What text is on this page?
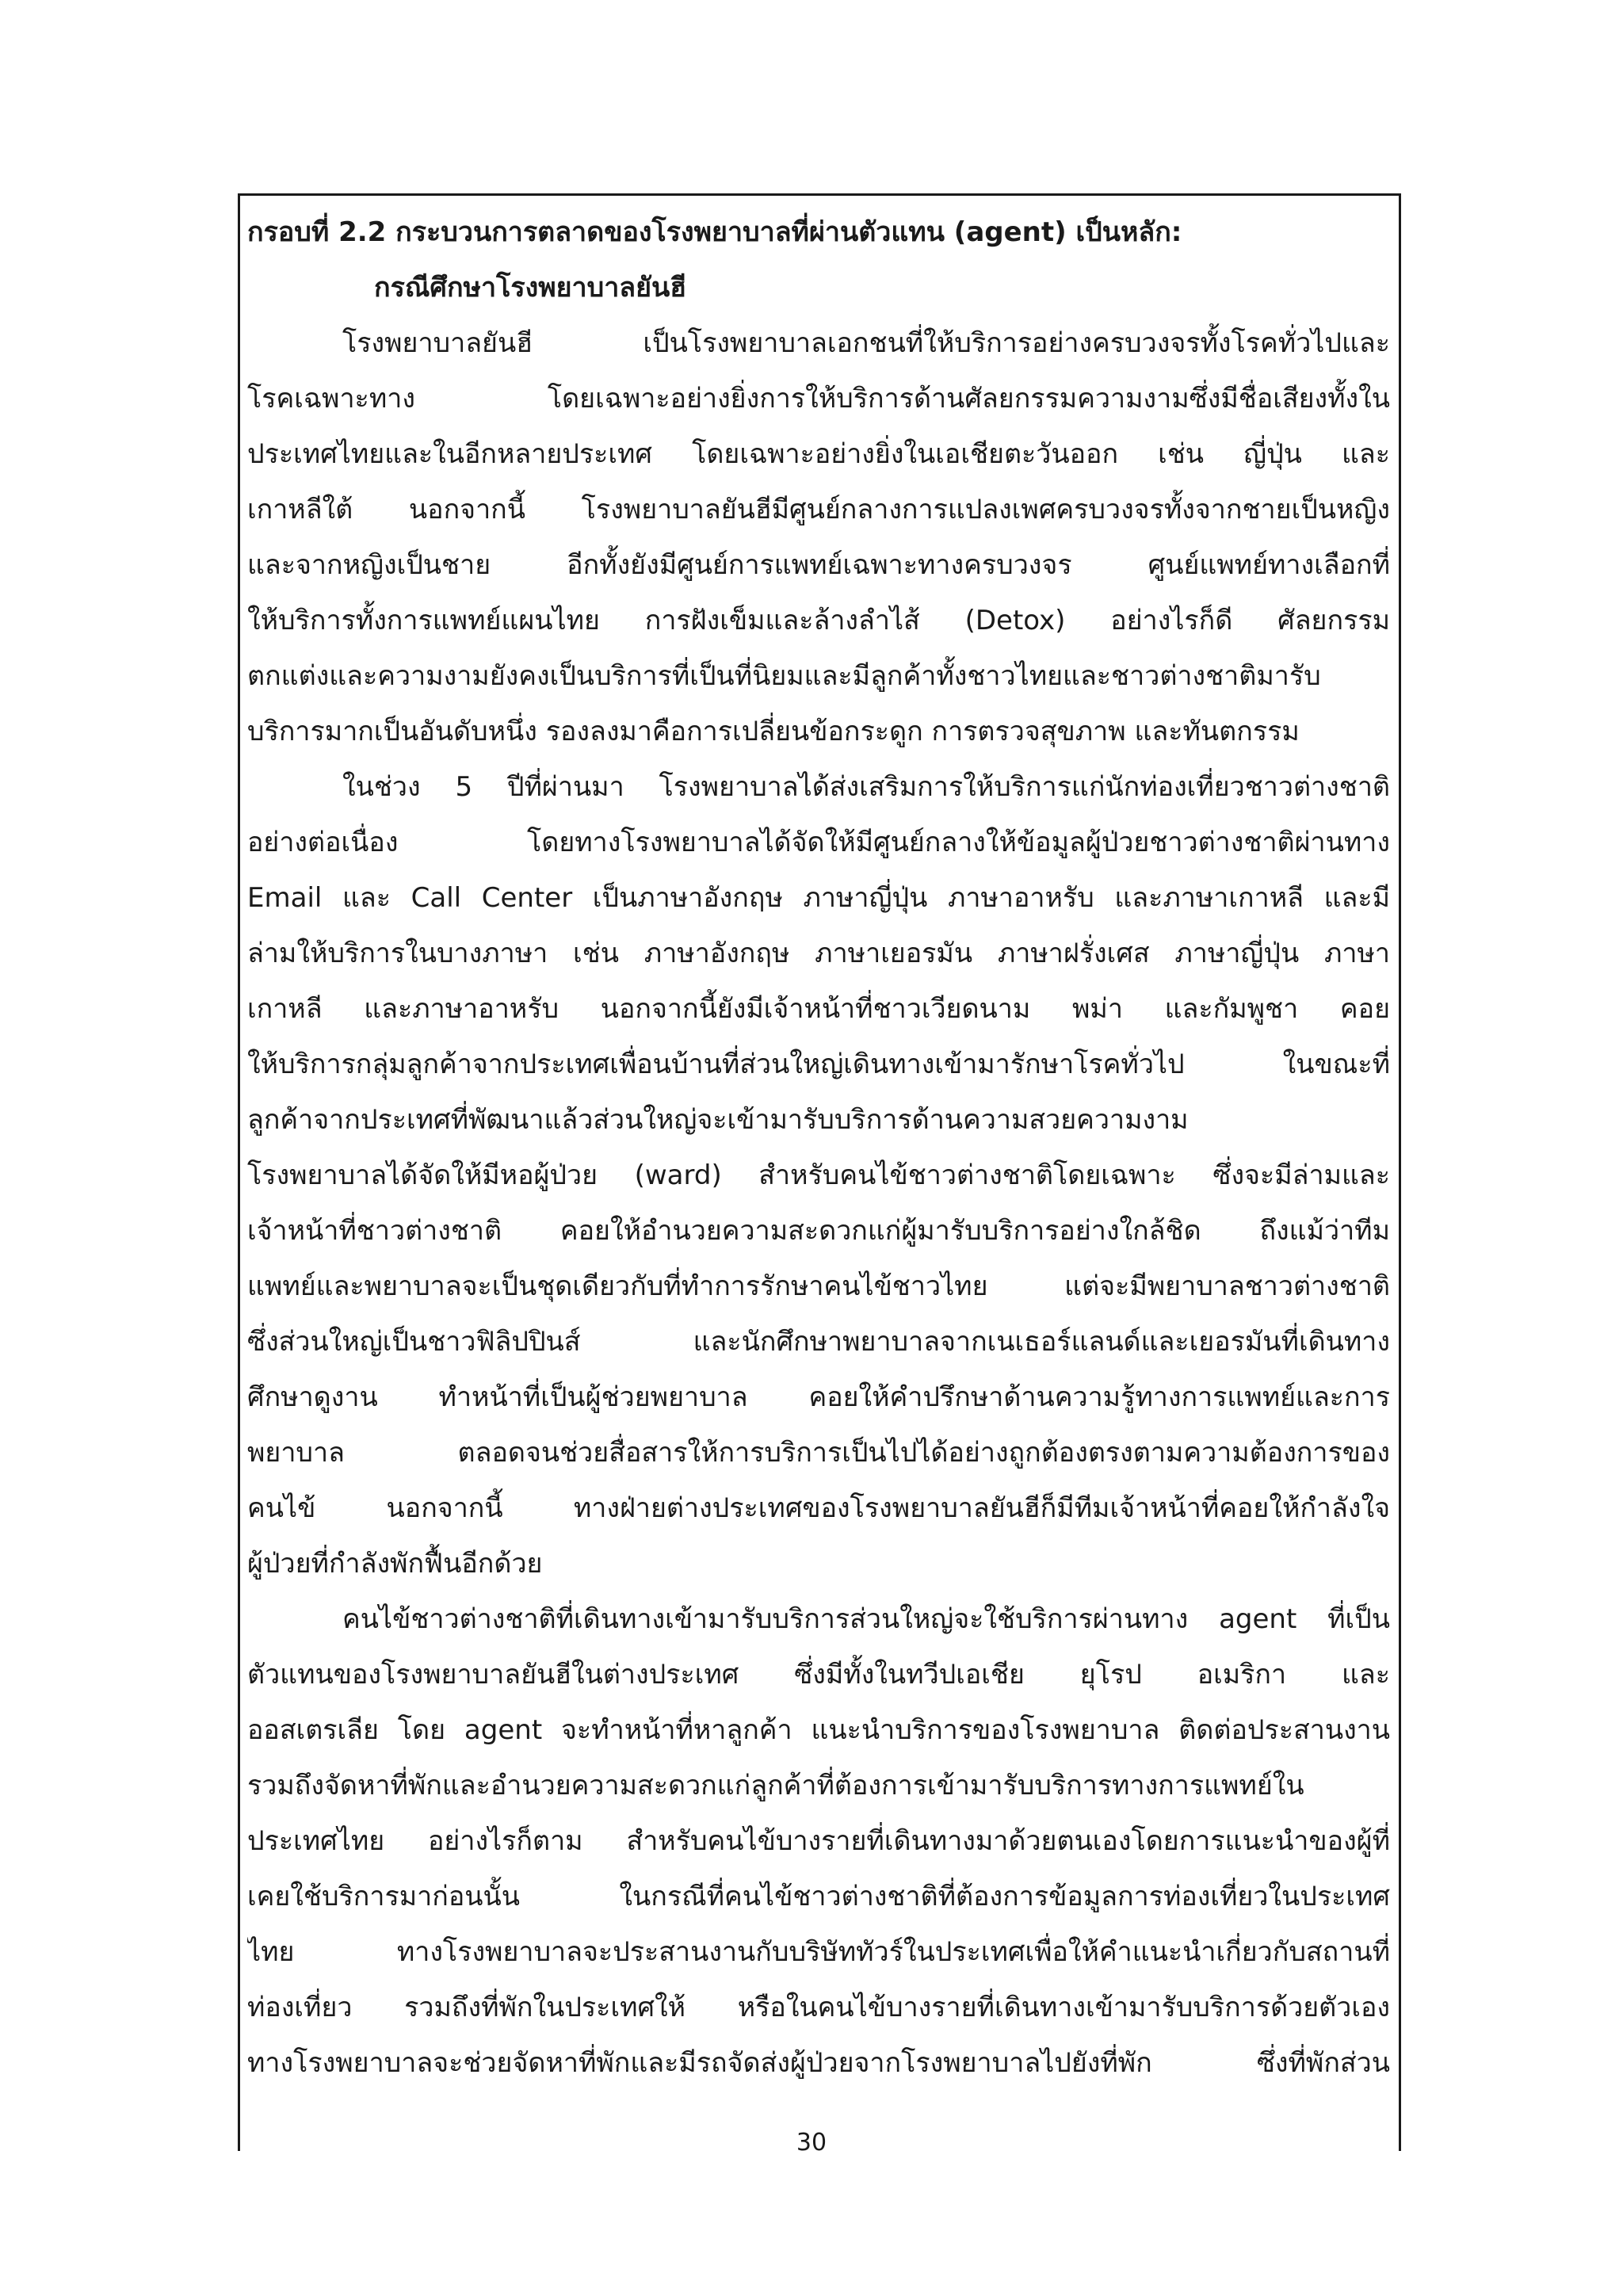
กรอบที่ 2.2 กระบวนการตลาดของโรงพยาบาลที่ผ่านตัวแทน (agent) เป็นหลัก:
กรณีศึกษาโรงพยาบาลยันฮี
โรงพยาบาลยันฮี เป็นโรงพยาบาลเอกชนที่ให้บริการอย่างครบวงจรทั้งโรคทั่วไปและ
โรคเฉพาะทาง โดยเฉพาะอย่างยิ่งการให้บริการด้านศัลยกรรมความงามซึ่งมีชื่อเสียงทั้งใน
ประเทศไทยและในอีกหลายประเทศ โดยเฉพาะอย่างยิ่งในเอเชียตะวันออก เช่น ญี่ปุ่น และ
เกาหลีใต้ นอกจากนี้ โรงพยาบาลยันฮีมีศูนย์กลางการแปลงเพศครบวงจรทั้งจากชายเป็นหญิง
และจากหญิงเป็นชาย อีกทั้งยังมีศูนย์การแพทย์เฉพาะทางครบวงจร ศูนย์แพทย์ทางเลือกที่
ให้บริการทั้งการแพทย์แผนไทย การฝังเข็มและล้างลำไส้ (Detox) อย่างไรก็ดี ศัลยกรรม
ตกแต่งและความงามยังคงเป็นบริการที่เป็นที่นิยมและมีลูกค้าทั้งชาวไทยและชาวต่างชาติมารับ
บริการมากเป็นอันดับหนึ่ง รองลงมาคือการเปลี่ยนข้อกระดูก การตรวจสุขภาพ และทันตกรรม
ในช่วง 5 ปีที่ผ่านมา โรงพยาบาลได้ส่งเสริมการให้บริการแก่นักท่องเที่ยวชาวต่างชาติ
อย่างต่อเนื่อง โดยทางโรงพยาบาลได้จัดให้มีศูนย์กลางให้ข้อมูลผู้ป่วยชาวต่างชาติผ่านทาง
Email และ Call Center เป็นภาษาอังกฤษ ภาษาญี่ปุ่น ภาษาอาหรับ และภาษาเกาหลี และมี
ล่ามให้บริการในบางภาษา เช่น ภาษาอังกฤษ ภาษาเยอรมัน ภาษาฝรั่งเศส ภาษาญี่ปุ่น ภาษา
เกาหลี และภาษาอาหรับ นอกจากนี้ยังมีเจ้าหน้าที่ชาวเวียดนาม พม่า และกัมพูชา คอย
ให้บริการกลุ่มลูกค้าจากประเทศเพื่อนบ้านที่ส่วนใหญ่เดินทางเข้ามารักษาโรคทั่วไป ในขณะที่
ลูกค้าจากประเทศที่พัฒนาแล้วส่วนใหญ่จะเข้ามารับบริการด้านความสวยความงาม
โรงพยาบาลได้จัดให้มีหอผู้ป่วย (ward) สำหรับคนไข้ชาวต่างชาติโดยเฉพาะ ซึ่งจะมีล่ามและ
เจ้าหน้าที่ชาวต่างชาติ คอยให้อำนวยความสะดวกแก่ผู้มารับบริการอย่างใกล้ชิด ถึงแม้ว่าทีม
แพทย์และพยาบาลจะเป็นชุดเดียวกับที่ทำการรักษาคนไข้ชาวไทย แต่จะมีพยาบาลชาวต่างชาติ
ซึ่งส่วนใหญ่เป็นชาวฟิลิปปินส์ และนักศึกษาพยาบาลจากเนเธอร์แลนด์และเยอรมันที่เดินทาง
ศึกษาดูงาน ทำหน้าที่เป็นผู้ช่วยพยาบาล คอยให้คำปรึกษาด้านความรู้ทางการแพทย์และการ
พยาบาล ตลอดจนช่วยสื่อสารให้การบริการเป็นไปได้อย่างถูกต้องตรงตามความต้องการของ
คนไข้ นอกจากนี้ ทางฝ่ายต่างประเทศของโรงพยาบาลยันฮีก็มีทีมเจ้าหน้าที่คอยให้กำลังใจ
ผู้ป่วยที่กำลังพักฟื้นอีกด้วย
คนไข้ชาวต่างชาติที่เดินทางเข้ามารับบริการส่วนใหญ่จะใช้บริการผ่านทาง agent ที่เป็น
ตัวแทนของโรงพยาบาลยันฮีในต่างประเทศ ซึ่งมีทั้งในทวีปเอเชีย ยุโรป อเมริกา และ
ออสเตรเลีย โดย agent จะทำหน้าที่หาลูกค้า แนะนำบริการของโรงพยาบาล ติดต่อประสานงาน
รวมถึงจัดหาที่พักและอำนวยความสะดวกแก่ลูกค้าที่ต้องการเข้ามารับบริการทางการแพทย์ใน
ประเทศไทย อย่างไรก็ตาม สำหรับคนไข้บางรายที่เดินทางมาด้วยตนเองโดยการแนะนำของผู้ที่
เคยใช้บริการมาก่อนนั้น ในกรณีที่คนไข้ชาวต่างชาติที่ต้องการข้อมูลการท่องเที่ยวในประเทศ
ไทย ทางโรงพยาบาลจะประสานงานกับบริษัททัวร์ในประเทศเพื่อให้คำแนะนำเกี่ยวกับสถานที่
ท่องเที่ยว รวมถึงที่พักในประเทศให้ หรือในคนไข้บางรายที่เดินทางเข้ามารับบริการด้วยตัวเอง
ทางโรงพยาบาลจะช่วยจัดหาที่พักและมีรถจัดส่งผู้ป่วยจากโรงพยาบาลไปยังที่พัก ซึ่งที่พักส่วน
30
